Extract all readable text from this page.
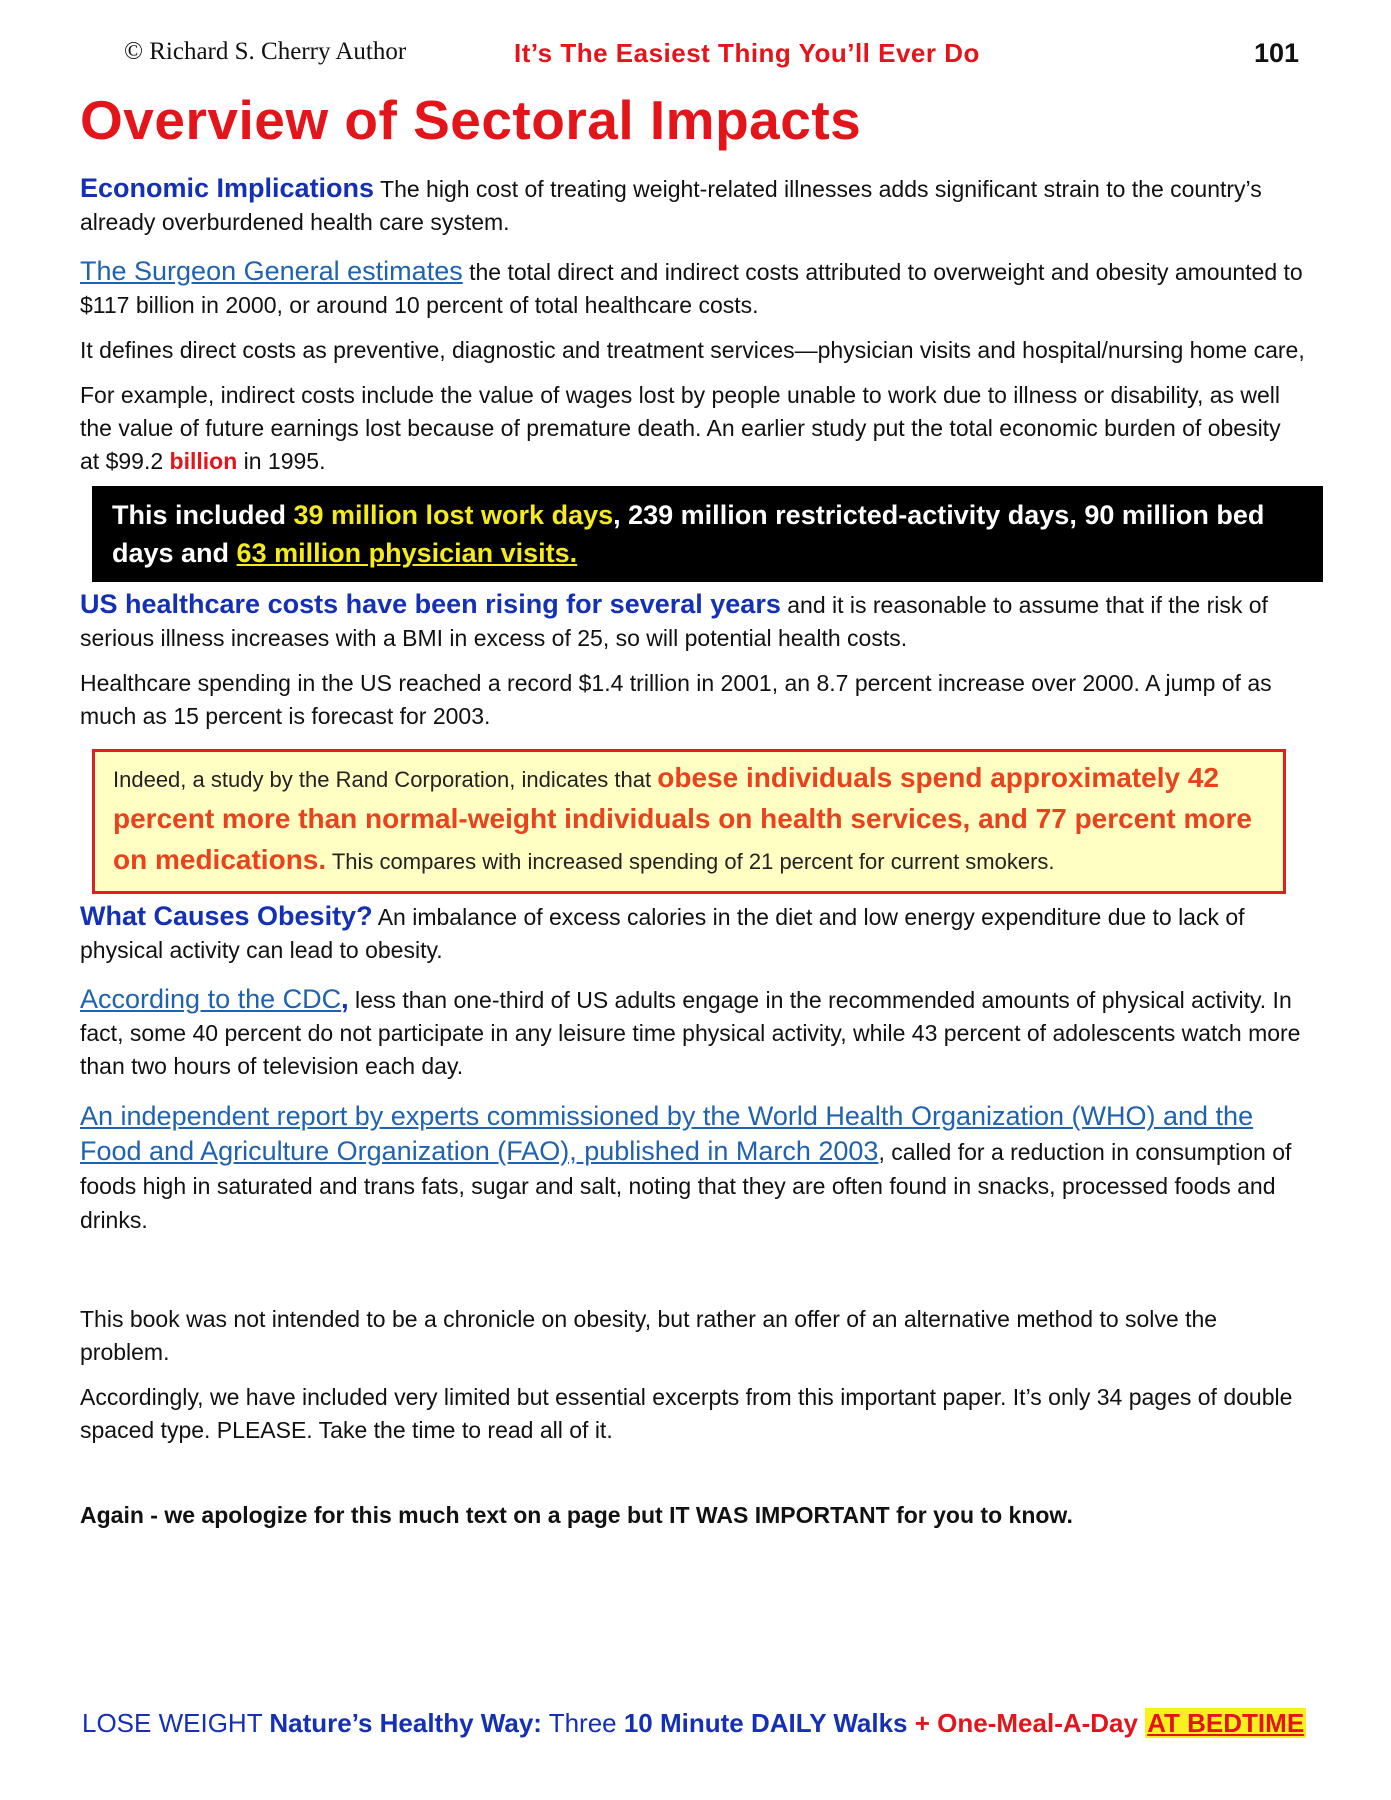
© Richard S. Cherry Author	It’s The Easiest Thing You’ll Ever Do	101
Overview of Sectoral Impacts

Economic Implications The high cost of treating weight-related illnesses adds significant strain to the country’s already overburdened health care system.

The Surgeon General estimates the total direct and indirect costs attributed to overweight and obesity amounted to $117 billion in 2000, or around 10 percent of total healthcare costs.

It defines direct costs as preventive, diagnostic and treatment services—physician visits and hospital/nursing home care,

For example, indirect costs include the value of wages lost by people unable to work due to illness or disability, as well the value of future earnings lost because of premature death. An earlier study put the total economic burden of obesity at $99.2 billion in 1995.

This included 39 million lost work days, 239 million restricted-activity days, 90 million bed days and 63 million physician visits.

US healthcare costs have been rising for several years and it is reasonable to assume that if the risk of serious illness increases with a BMI in excess of 25, so will potential health costs.

Healthcare spending in the US reached a record $1.4 trillion in 2001, an 8.7 percent increase over 2000. A jump of as much as 15 percent is forecast for 2003.

Indeed, a study by the Rand Corporation, indicates that obese individuals spend approximately 42 percent more than normal-weight individuals on health services, and 77 percent more on medications. This compares with increased spending of 21 percent for current smokers.

What Causes Obesity? An imbalance of excess calories in the diet and low energy expenditure due to lack of physical activity can lead to obesity.

According to the CDC, less than one-third of US adults engage in the recommended amounts of physical activity. In fact, some 40 percent do not participate in any leisure time physical activity, while 43 percent of adolescents watch more than two hours of television each day.

An independent report by experts commissioned by the World Health Organization (WHO) and the Food and Agriculture Organization (FAO), published in March 2003, called for a reduction in consumption of foods high in saturated and trans fats, sugar and salt, noting that they are often found in snacks, processed foods and drinks.

This book was not intended to be a chronicle on obesity, but rather an offer of an alternative method to solve the problem.

Accordingly, we have included very limited but essential excerpts from this important paper. It’s only 34 pages of double spaced type. PLEASE. Take the time to read all of it.

Again - we apologize for this much text on a page but IT WAS IMPORTANT for you to know.

LOSE WEIGHT Nature’s Healthy Way: Three 10 Minute DAILY Walks + One-Meal-A-Day AT BEDTIME
